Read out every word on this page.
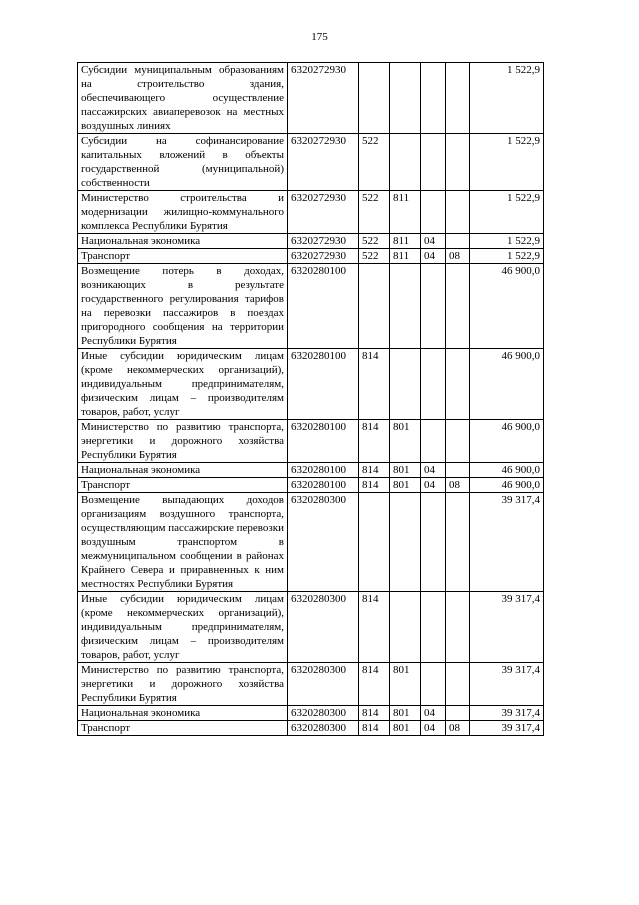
175
Субсидии муниципальным образованиям на строительство здания, обеспечивающего осуществление пассажирских авиаперевозок на местных воздушных линиях	6320272930					1 522,9
Субсидии на софинансирование капитальных вложений в объекты государственной (муниципальной) собственности	6320272930	522				1 522,9
Министерство строительства и модернизации жилищно-коммунального комплекса Республики Бурятия	6320272930	522	811			1 522,9
Национальная экономика	6320272930	522	811	04		1 522,9
Транспорт	6320272930	522	811	04	08	1 522,9
Возмещение потерь в доходах, возникающих в результате государственного регулирования тарифов на перевозки пассажиров в поездах пригородного сообщения на территории Республики Бурятия	6320280100					46 900,0
Иные субсидии юридическим лицам (кроме некоммерческих организаций), индивидуальным предпринимателям, физическим лицам – производителям товаров, работ, услуг	6320280100	814				46 900,0
Министерство по развитию транспорта, энергетики и дорожного хозяйства Республики Бурятия	6320280100	814	801			46 900,0
Национальная экономика	6320280100	814	801	04		46 900,0
Транспорт	6320280100	814	801	04	08	46 900,0
Возмещение выпадающих доходов организациям воздушного транспорта, осуществляющим пассажирские перевозки воздушным транспортом в межмуниципальном сообщении в районах Крайнего Севера и приравненных к ним местностях Республики Бурятия	6320280300					39 317,4
Иные субсидии юридическим лицам (кроме некоммерческих организаций), индивидуальным предпринимателям, физическим лицам – производителям товаров, работ, услуг	6320280300	814				39 317,4
Министерство по развитию транспорта, энергетики и дорожного хозяйства Республики Бурятия	6320280300	814	801			39 317,4
Национальная экономика	6320280300	814	801	04		39 317,4
Транспорт	6320280300	814	801	04	08	39 317,4
